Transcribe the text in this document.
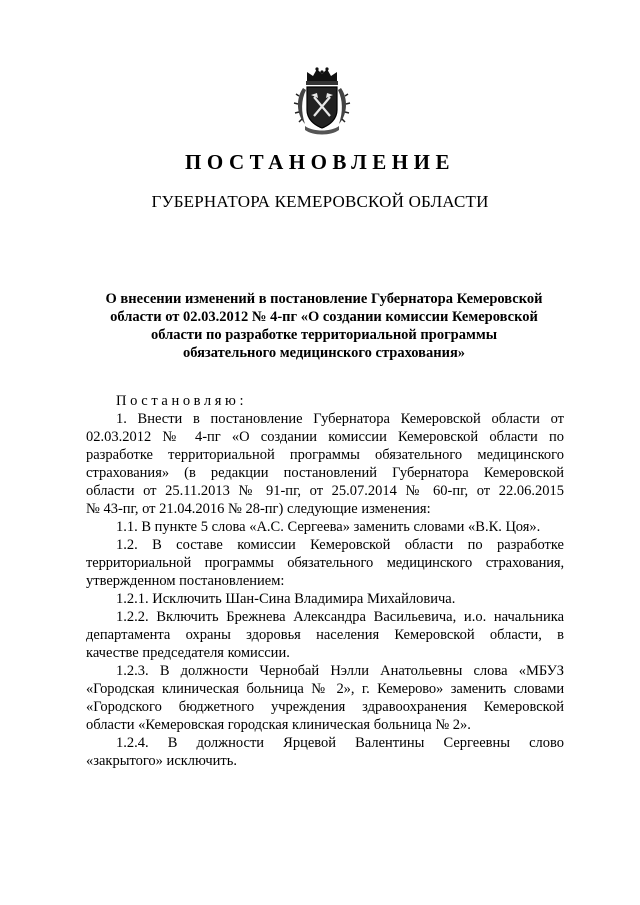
ПОСТАНОВЛЕНИЕ
ГУБЕРНАТОРА КЕМЕРОВСКОЙ ОБЛАСТИ
О внесении изменений в постановление Губернатора Кемеровской
области от 02.03.2012 № 4-пг «О создании комиссии Кемеровской
области по разработке территориальной программы
обязательного медицинского страхования»

Постановляю:

1. Внести в постановление Губернатора Кемеровской области от

02.03.2012 № 4-пг «О создании комиссии Кемеровской области по

разработке территориальной программы обязательного медицинского

страхования» (в редакции постановлений Губернатора Кемеровской

области от 25.11.2013 № 91-пг, от 25.07.2014 № 60-пг, от 22.06.2015

№ 43-пг, от 21.04.2016 № 28-пг) следующие изменения:

1.1. В пункте 5 слова «А.С. Сергеева» заменить словами «В.К. Цоя».

1.2. В составе комиссии Кемеровской области по разработке

территориальной программы обязательного медицинского страхования,

утвержденном постановлением:

1.2.1. Исключить Шан-Сина Владимира Михайловича.

1.2.2. Включить Брежнева Александра Васильевича, и.о. начальника

департамента охраны здоровья населения Кемеровской области, в

качестве председателя комиссии.

1.2.3. В должности Чернобай Нэлли Анатольевны слова «МБУЗ

«Городская клиническая больница № 2», г. Кемерово» заменить словами

«Городского бюджетного учреждения здравоохранения Кемеровской

области «Кемеровская городская клиническая больница № 2».

1.2.4. В должности Ярцевой Валентины Сергеевны слово

«закрытого» исключить.
